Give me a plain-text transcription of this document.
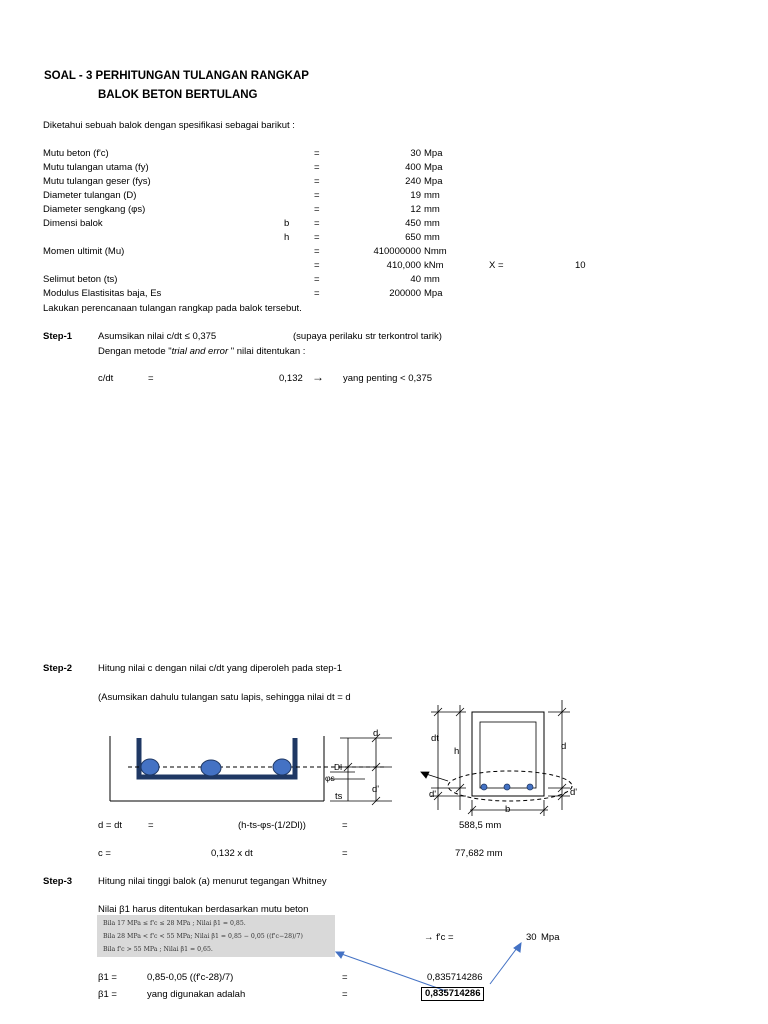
SOAL - 3 PERHITUNGAN TULANGAN RANGKAP
BALOK BETON BERTULANG
Diketahui sebuah balok dengan spesifikasi sebagai barikut :
Mutu beton (f'c)	=	30 Mpa
Mutu tulangan utama (fy)	=	400 Mpa
Mutu tulangan geser (fys)	=	240 Mpa
Diameter tulangan (D)	=	19 mm
Diameter sengkang (φs)	=	12 mm
Dimensi balok	b	=	450 mm
h	=	650 mm
Momen ultimit (Mu)	=	410000000 Nmm
=	410,000 kNm	X =	10
Selimut beton (ts)	=	40 mm
Modulus Elastisitas baja, Es	=	200000 Mpa
Lakukan perencanaan tulangan rangkap pada balok tersebut.
Step-1	Asumsikan nilai c/dt ≤ 0,375	(supaya perilaku str terkontrol tarik)
Dengan metode "trial and error " nilai ditentukan :
c/dt	=	0,132 → yang penting < 0,375
Step-2	Hitung nilai c dengan nilai c/dt yang diperoleh pada step-1
(Asumsikan dahulu tulangan satu lapis, sehingga nilai dt = d
d
Dl
φs
d'
ts
dt
h	d
d'	d'
b
d = dt	=	(h-ts-φs-(1/2Dl))	=	588,5 mm
c =	0,132 x dt	=	77,682 mm
Step-3	Hitung nilai tinggi balok (a) menurut tegangan Whitney
Nilai β1 harus ditentukan berdasarkan mutu beton
Bila 17 MPa ≤ f'c ≤ 28 MPa ; Nilai β1 = 0,85.
Bila 28 MPa < f'c < 55 MPa; Nilai β1 = 0,85 − 0,05 ((f'c−28)/7)
Bila f'c > 55 MPa ; Nilai β1 = 0,65.
→ f'c =	30 Mpa
β1 =	0,85-0,05 ((f'c-28)/7)	=	0,835714286
β1 =	yang digunakan adalah	=	0,835714286
